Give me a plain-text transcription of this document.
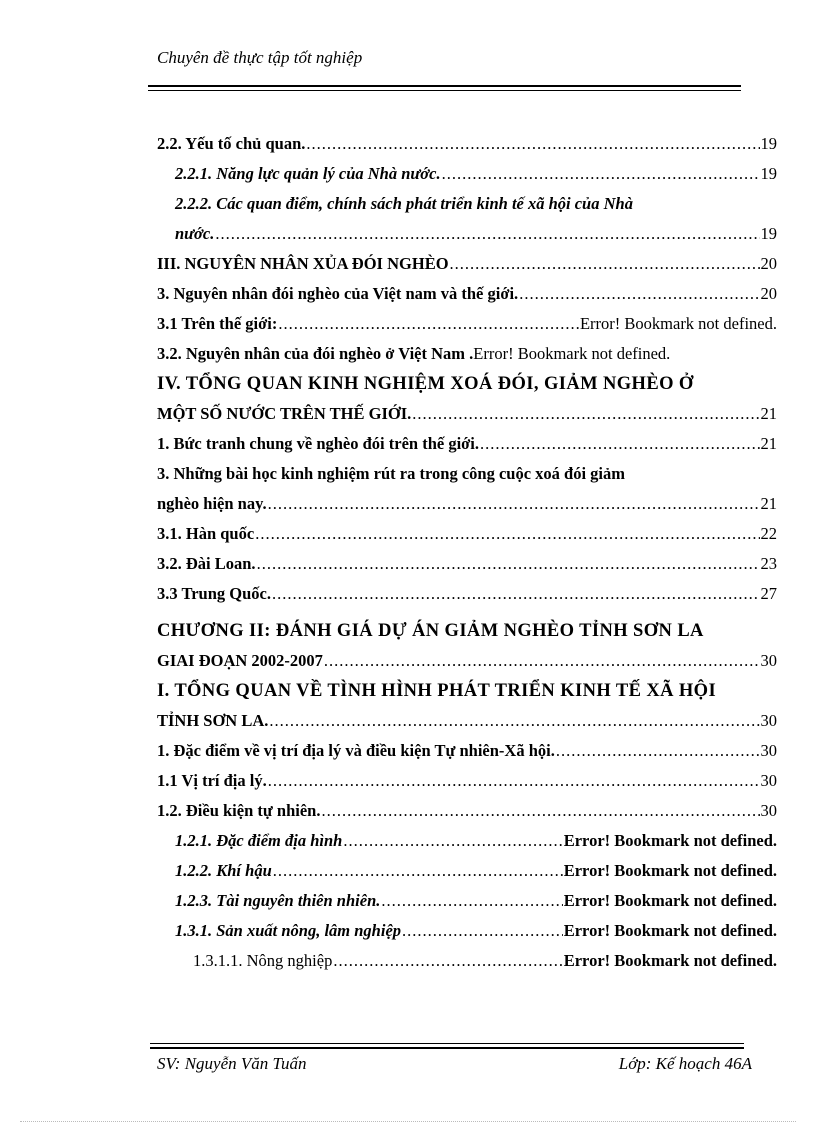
Chuyên đề thực tập tốt nghiệp
2.2. Yếu tố chủ quan. .....	19
2.2.1. Năng lực quản lý của Nhà nước. .....	19
2.2.2. Các quan điểm, chính sách phát triển kinh tế xã hội của Nhà
nước. .....	19
III. NGUYÊN NHÂN XỦA ĐÓI NGHÈO .....	20
3. Nguyên nhân đói nghèo của Việt nam và thế giới. .....	20
3.1 Trên thế giới: .....	Error! Bookmark not defined.
3.2. Nguyên nhân của đói nghèo ở Việt Nam . Error! Bookmark not defined.
IV. TỔNG QUAN KINH NGHIỆM XOÁ ĐÓI, GIẢM NGHÈO Ở
MỘT SỐ NƯỚC TRÊN THẾ GIỚI. .....	21
1. Bức tranh chung về nghèo đói trên thế giới. .....	21
3. Những bài học kinh nghiệm rút ra trong công cuộc xoá đói giảm
nghèo hiện nay. .....	21
3.1. Hàn quốc .....	22
3.2. Đài Loan. .....	23
3.3 Trung Quốc. .....	27
CHƯƠNG II: ĐÁNH GIÁ DỰ ÁN GIẢM NGHÈO TỈNH SƠN LA
GIAI ĐOẠN 2002-2007 .....	30
I. TỔNG QUAN VỀ TÌNH HÌNH PHÁT TRIỂN KINH TẾ XÃ HỘI
TỈNH SƠN LA. .....	30
1. Đặc điểm về vị trí địa lý và điều kiện Tự nhiên-Xã hội. .....	30
1.1 Vị trí địa lý. .....	30
1.2. Điều kiện tự nhiên. .....	30
1.2.1. Đặc điểm địa hình .....	Error! Bookmark not defined.
1.2.2. Khí hậu .....	Error! Bookmark not defined.
1.2.3. Tài nguyên thiên nhiên. .....	Error! Bookmark not defined.
1.3.1. Sản xuất nông, lâm nghiệp .....	Error! Bookmark not defined.
1.3.1.1. Nông nghiệp .....	Error! Bookmark not defined.
SV: Nguyễn Văn Tuấn	Lớp: Kế hoạch 46A
